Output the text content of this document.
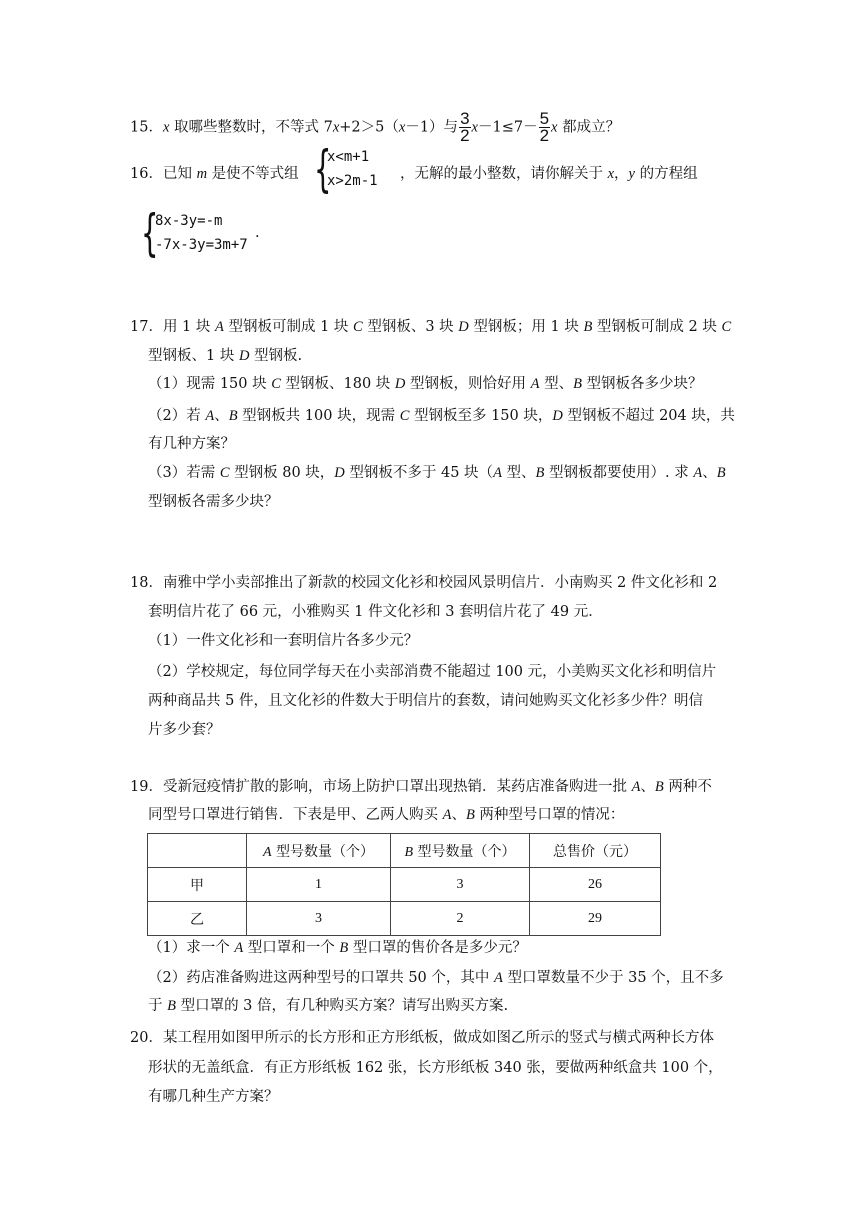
15．x 取哪些整数时，不等式 7x+2＞5（x－1）与 $\frac{3}{2} x-1\le 7- \frac{5}{2}$ x 都成立？
16．已知 m 是使不等式组 {
x<m+1
x>2m-1 ，无解的最小整数，请你解关于 x，y 的方程组
{
8x-3y=-m
-7x-3y=3m+7
.
17．用 1 块 A 型钢板可制成 1 块 C 型钢板、3 块 D 型钢板；用 1 块 B 型钢板可制成 2 块 C
型钢板、1 块 D 型钢板.
（1）现需 150 块 C 型钢板、180 块 D 型钢板，则恰好用 A 型、B 型钢板各多少块？
（2）若 A、B 型钢板共 100 块，现需 C 型钢板至多 150 块，D 型钢板不超过 204 块，共
有几种方案？
（3）若需 C 型钢板 80 块，D 型钢板不多于 45 块（A 型、B 型钢板都要使用）. 求 A、B
型钢板各需多少块？
18．南雅中学小卖部推出了新款的校园文化衫和校园风景明信片．小南购买 2 件文化衫和 2
套明信片花了 66 元，小雅购买 1 件文化衫和 3 套明信片花了 49 元．
（1）一件文化衫和一套明信片各多少元？
（2）学校规定，每位同学每天在小卖部消费不能超过 100 元，小美购买文化衫和明信片
两种商品共 5 件，且文化衫的件数大于明信片的套数，请问她购买文化衫多少件？明信
片多少套？
19．受新冠疫情扩散的影响，市场上防护口罩出现热销．某药店准备购进一批 A、B 两种不
同型号口罩进行销售．下表是甲、乙两人购买 A、B 两种型号口罩的情况：
	A 型号数量（个）	B 型号数量（个）	总售价（元）
甲	1	3	26
乙	3	2	29
（1）求一个 A 型口罩和一个 B 型口罩的售价各是多少元？
（2）药店准备购进这两种型号的口罩共 50 个，其中 A 型口罩数量不少于 35 个，且不多
于 B 型口罩的 3 倍，有几种购买方案？请写出购买方案.
20．某工程用如图甲所示的长方形和正方形纸板，做成如图乙所示的竖式与横式两种长方体
形状的无盖纸盒．有正方形纸板 162 张，长方形纸板 340 张，要做两种纸盒共 100 个，
有哪几种生产方案？
